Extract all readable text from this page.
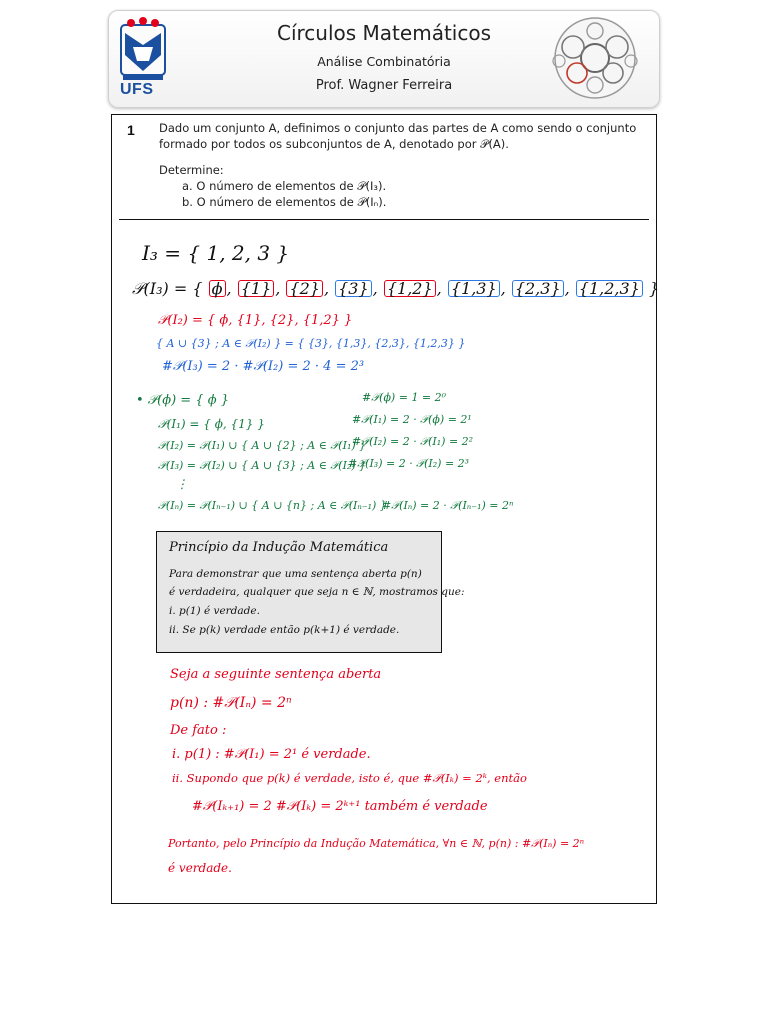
UFS
Círculos Matemáticos
Análise Combinatória
Prof. Wagner Ferreira
1 Dado um conjunto A, definimos o conjunto das partes de A como sendo o conjunto
formado por todos os subconjuntos de A, denotado por 𝒫(A).
Determine:
a. O número de elementos de 𝒫(I₃).
b. O número de elementos de 𝒫(Iₙ).
I₃ = { 1, 2, 3 }
𝒫(I₃) = { ϕ , {1} , {2} , {3} , {1,2} , {1,3} , {2,3} , {1,2,3} }
𝒫(I₂) = { ϕ, {1}, {2}, {1,2} }
{ A ∪ {3} ; A ∈ 𝒫(I₂) } = { {3}, {1,3}, {2,3}, {1,2,3} }
#𝒫(I₃) = 2 · #𝒫(I₂) = 2 · 4 = 2³
• 𝒫(ϕ) = { ϕ }
𝒫(I₁) = { ϕ, {1} }
𝒫(I₂) = 𝒫(I₁) ∪ { A ∪ {2} ; A ∈ 𝒫(I₁) }
𝒫(I₃) = 𝒫(I₂) ∪ { A ∪ {3} ; A ∈ 𝒫(I₂) }
⋮
𝒫(Iₙ) = 𝒫(Iₙ₋₁) ∪ { A ∪ {n} ; A ∈ 𝒫(Iₙ₋₁) }
#𝒫(ϕ) = 1 = 2⁰
#𝒫(I₁) = 2 · 𝒫(ϕ) = 2¹
#𝒫(I₂) = 2 · 𝒫(I₁) = 2²
#𝒫(I₃) = 2 · 𝒫(I₂) = 2³
#𝒫(Iₙ) = 2 · 𝒫(Iₙ₋₁) = 2ⁿ
Princípio da Indução Matemática
Para demonstrar que uma sentença aberta p(n)
é verdadeira, qualquer que seja n ∈ ℕ, mostramos que:
i. p(1) é verdade.
ii. Se p(k) verdade então p(k+1) é verdade.
Seja a seguinte sentença aberta
p(n) : #𝒫(Iₙ) = 2ⁿ
De fato :
i. p(1) : #𝒫(I₁) = 2¹ é verdade.
ii. Supondo que p(k) é verdade, isto é, que #𝒫(Iₖ) = 2ᵏ, então
#𝒫(Iₖ₊₁) = 2 #𝒫(Iₖ) = 2ᵏ⁺¹ também é verdade
Portanto, pelo Princípio da Indução Matemática, ∀n ∈ ℕ, p(n) : #𝒫(Iₙ) = 2ⁿ
é verdade.
